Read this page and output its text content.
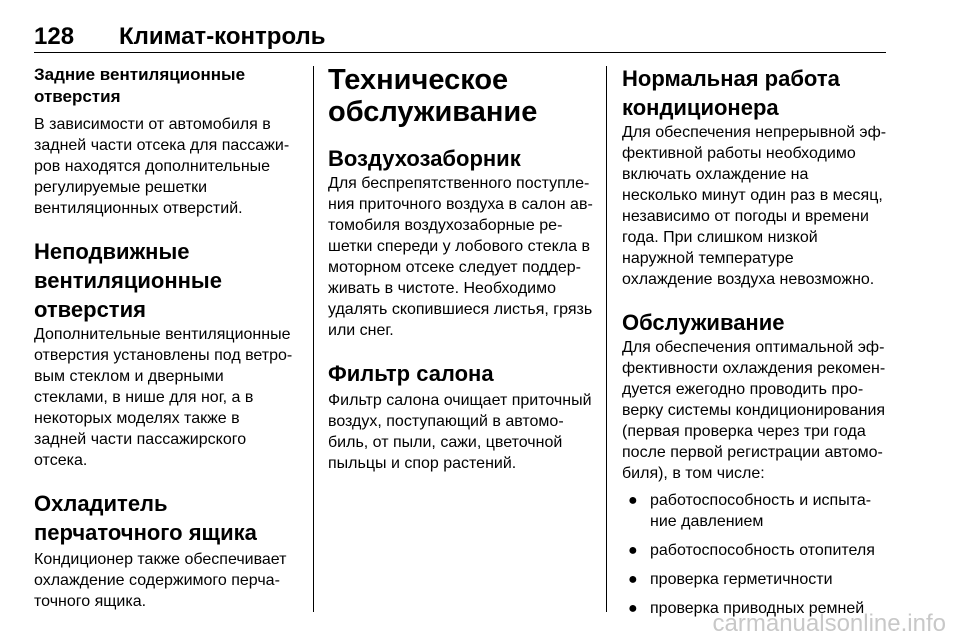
128 Климат-контроль
Задние вентиляционные отверстия

В зависимости от автомобиля в задней части отсека для пассажиров находятся дополнительные регулируемые решетки вентиляционных отверстий.

Неподвижные вентиляционные отверстия

Дополнительные вентиляционные отверстия установлены под ветровым стеклом и дверными стеклами, в нише для ног, а в некоторых моделях также в задней части пассажирского отсека.

Охладитель перчаточного ящика

Кондиционер также обеспечивает охлаждение содержимого перчаточного ящика.

Техническое обслуживание
Воздухозаборник

Для беспрепятственного поступления приточного воздуха в салон автомобиля воздухозаборные решетки спереди у лобового стекла в моторном отсеке следует поддерживать в чистоте. Необходимо удалять скопившиеся листья, грязь или снег.

Фильтр салона

Фильтр салона очищает приточный воздух, поступающий в автомобиль, от пыли, сажи, цветочной пыльцы и спор растений.

Нормальная работа кондиционера

Для обеспечения непрерывной эффективной работы необходимо включать охлаждение на несколько минут один раз в месяц, независимо от погоды и времени года. При слишком низкой наружной температуре охлаждение воздуха невозможно.

Обслуживание

Для обеспечения оптимальной эффективности охлаждения рекомендуется ежегодно проводить проверку системы кондиционирования (первая проверка через три года после первой регистрации автомобиля), в том числе:

● работоспособность и испытание давлением
● работоспособность отопителя
● проверка герметичности
● проверка приводных ремней
carmanualsonline.info
